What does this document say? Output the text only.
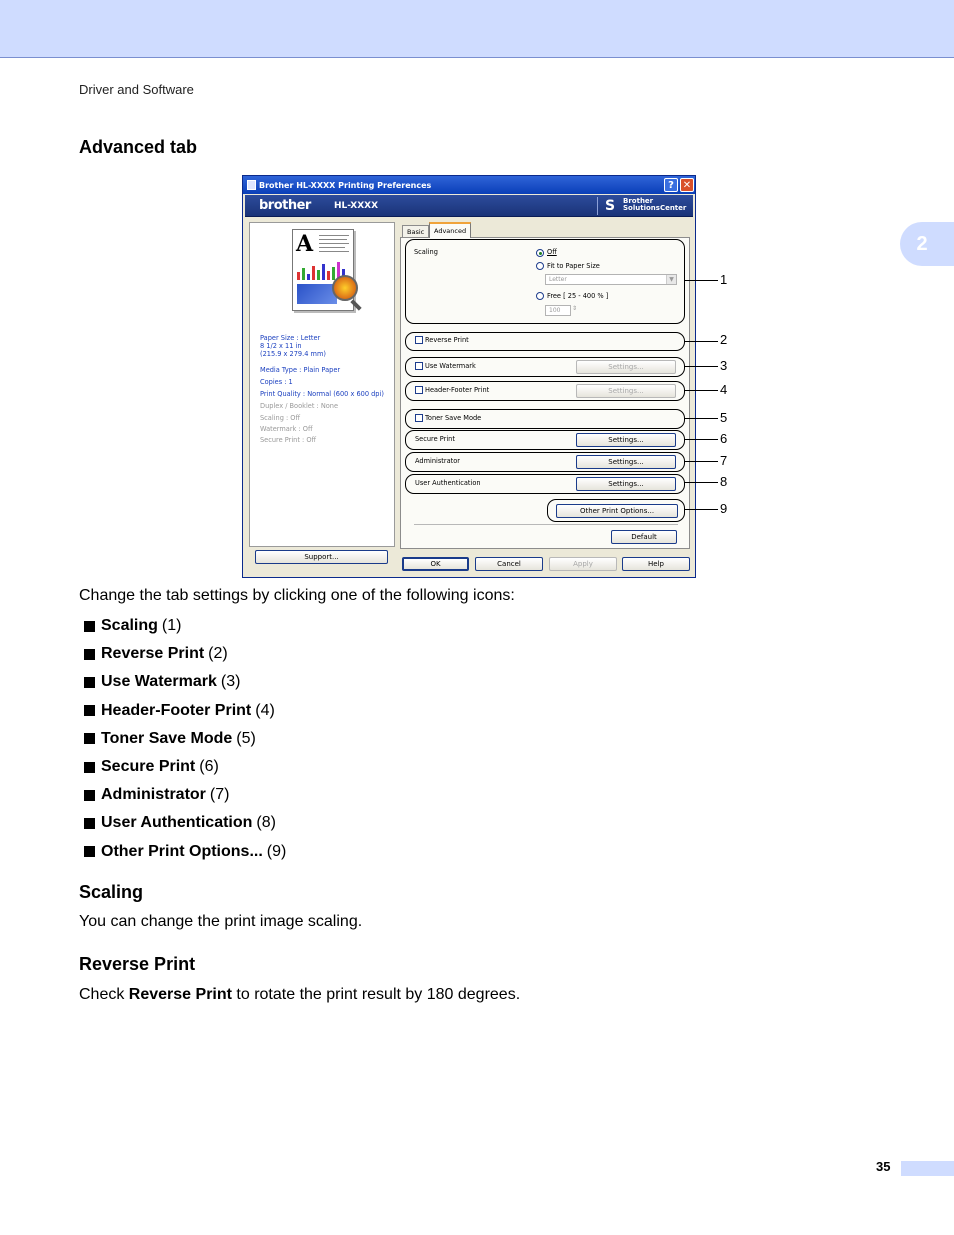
Driver and Software
2
Advanced tab
Brother HL-XXXX Printing Preferences	? ✕
brother	HL-XXXX	S Brother
SolutionsCenter
A
Paper Size : Letter
8 1/2 x 11 in
(215.9 x 279.4 mm)
Media Type : Plain Paper
Copies : 1
Print Quality : Normal (600 x 600 dpi)
Duplex / Booklet : None
Scaling : Off
Watermark : Off
Secure Print : Off
Support...
Basic	Advanced
Scaling	Off
Fit to Paper Size
Letter	▼
Free [ 25 - 400 % ]
100	⇕
Reverse Print
Use Watermark	Settings...
Header-Footer Print	Settings...
Toner Save Mode
Secure Print	Settings...
Administrator	Settings...
User Authentication	Settings...
Other Print Options...
Default
OK	Cancel	Apply	Help
1
2
3
4
5
6
7
8
9

Change the tab settings by clicking one of the following icons:

Scaling (1)
Reverse Print (2)
Use Watermark (3)
Header-Footer Print (4)
Toner Save Mode (5)
Secure Print (6)
Administrator (7)
User Authentication (8)
Other Print Options... (9)
Scaling

You can change the print image scaling.

Reverse Print

Check Reverse Print to rotate the print result by 180 degrees.

35
